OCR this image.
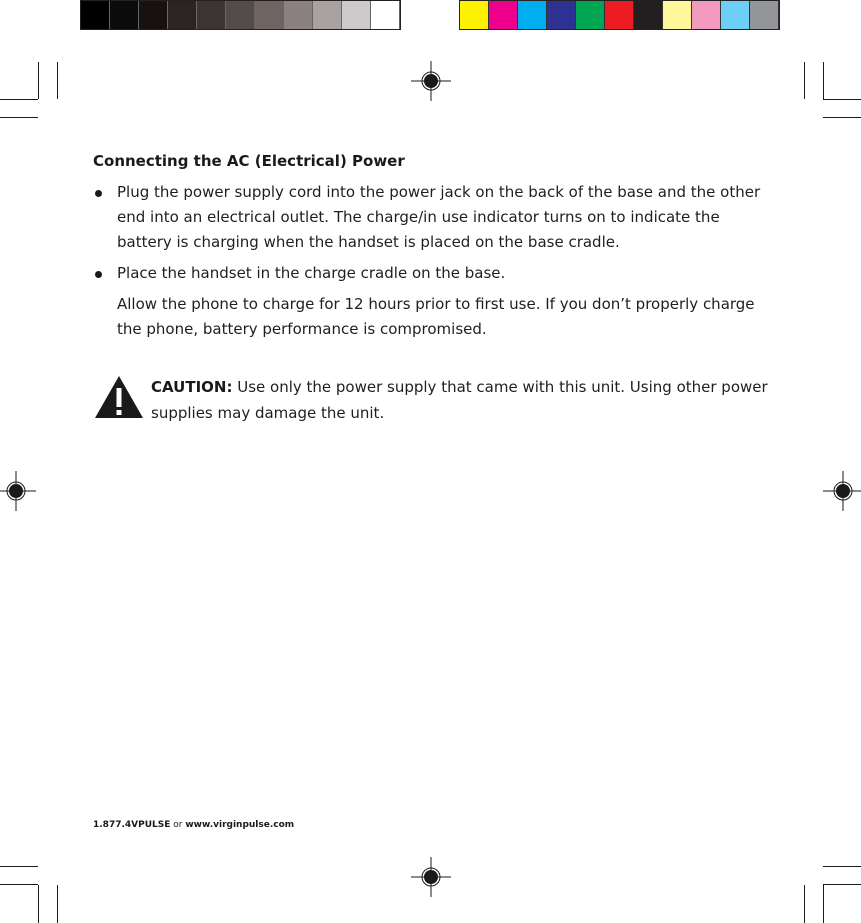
Connecting the AC (Electrical) Power
Plug the power supply cord into the power jack on the back of the base and the other end into an electrical outlet. The charge/in use indicator turns on to indicate the battery is charging when the handset is placed on the base cradle.
Place the handset in the charge cradle on the base.

Allow the phone to charge for 12 hours prior to first use. If you don’t properly charge the phone, battery performance is compromised.

CAUTION: Use only the power supply that came with this unit. Using other power supplies may damage the unit.

1.877.4VPULSE or www.virginpulse.com
